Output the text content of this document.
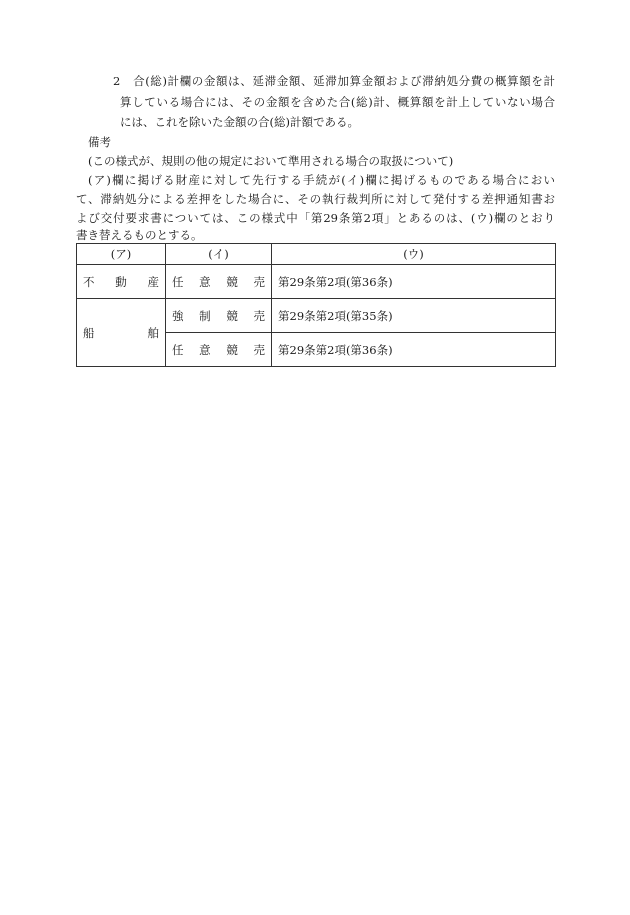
2　合(総)計欄の金額は、延滞金額、延滞加算金額および滞納処分費の概算額を計
算している場合には、その金額を含めた合(総)計、概算額を計上していない場合
には、これを除いた金額の合(総)計額である。
備考
(この様式が、規則の他の規定において準用される場合の取扱について)
(ア)欄に掲げる財産に対して先行する手続が(イ)欄に掲げるものである場合におい
て、滞納処分による差押をした場合に、その執行裁判所に対して発付する差押通知書お
よび交付要求書については、この様式中「第29条第2項」とあるのは、(ウ)欄のとおり
書き替えるものとする。
(ア)	(イ)	(ウ)

不　動　産	任　意　競　売	第29条第2項(第36条)

船　　　舶	強　制　競　売	第29条第2項(第35条)

	任　意　競　売	第29条第2項(第36条)
